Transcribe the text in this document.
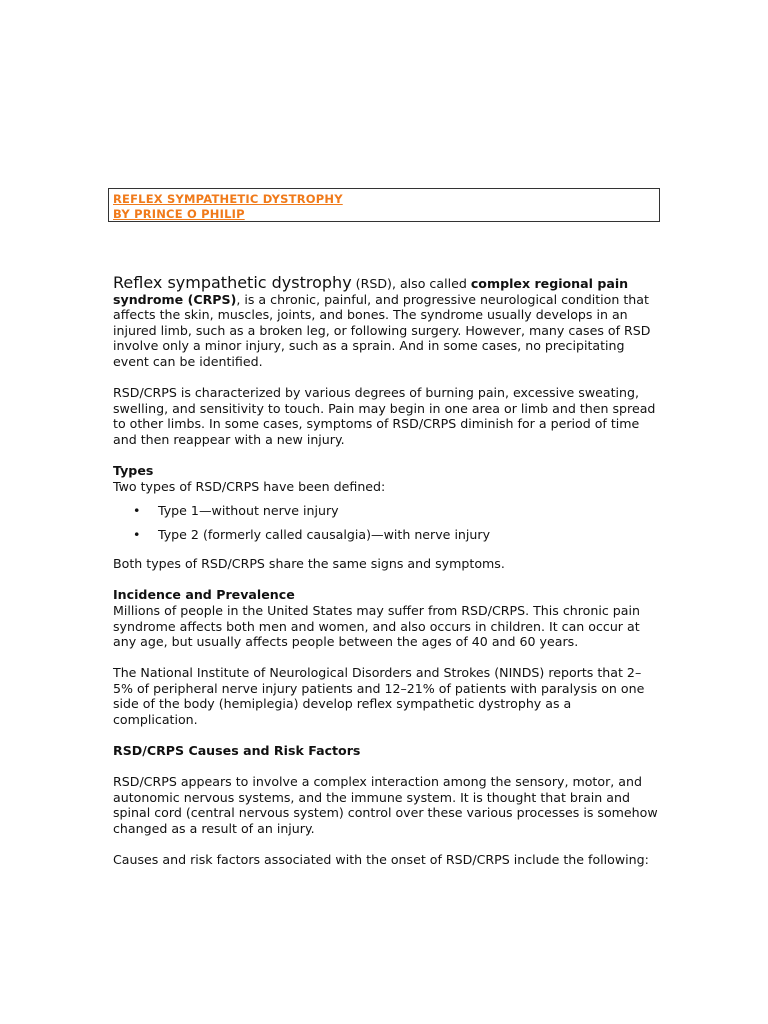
REFLEX SYMPATHETIC DYSTROPHY
BY PRINCE O PHILIP

Reflex sympathetic dystrophy (RSD), also called complex regional pain syndrome (CRPS), is a chronic, painful, and progressive neurological condition that affects the skin, muscles, joints, and bones. The syndrome usually develops in an injured limb, such as a broken leg, or following surgery. However, many cases of RSD involve only a minor injury, such as a sprain. And in some cases, no precipitating event can be identified.

RSD/CRPS is characterized by various degrees of burning pain, excessive sweating, swelling, and sensitivity to touch. Pain may begin in one area or limb and then spread to other limbs. In some cases, symptoms of RSD/CRPS diminish for a period of time and then reappear with a new injury.

Types
Two types of RSD/CRPS have been defined:
• Type 1—without nerve injury
• Type 2 (formerly called causalgia)—with nerve injury

Both types of RSD/CRPS share the same signs and symptoms.

Incidence and Prevalence

Millions of people in the United States may suffer from RSD/CRPS. This chronic pain syndrome affects both men and women, and also occurs in children. It can occur at any age, but usually affects people between the ages of 40 and 60 years.

The National Institute of Neurological Disorders and Strokes (NINDS) reports that 2–5% of peripheral nerve injury patients and 12–21% of patients with paralysis on one side of the body (hemiplegia) develop reflex sympathetic dystrophy as a complication.

RSD/CRPS Causes and Risk Factors

RSD/CRPS appears to involve a complex interaction among the sensory, motor, and autonomic nervous systems, and the immune system. It is thought that brain and spinal cord (central nervous system) control over these various processes is somehow changed as a result of an injury.

Causes and risk factors associated with the onset of RSD/CRPS include the following:
